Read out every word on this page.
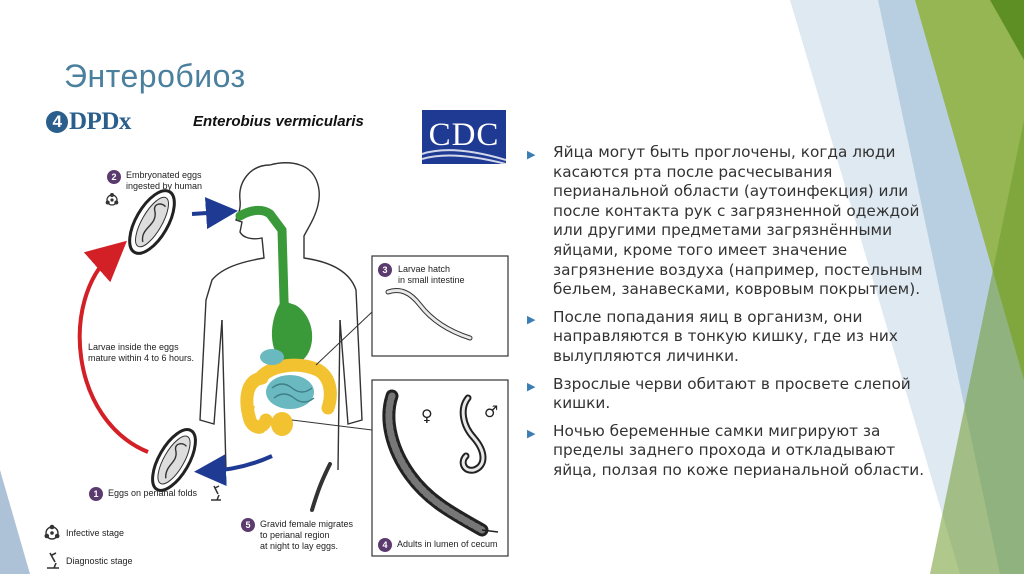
Энтеробиоз
4 DPDx	Enterobius vermicularis CDC
1
2
3
4
5
Embryonated eggs
ingested by human
Larvae hatch
in small intestine
Larvae inside the eggs
mature within 4 to 6 hours.
Eggs on perianal folds
Gravid female migrates
to perianal region
at night to lay eggs.	Adults in lumen of cecum
♀	♂
Infective stage
Diagnostic stage
▶ Яйца могут быть проглочены, когда люди касаются рта после расчесывания перианальной области (аутоинфекция) или после контакта рук с загрязненной одеждой или другими предметами загрязнёнными яйцами, кроме того имеет значение загрязнение воздуха (например, постельным бельем, занавесками, ковровым покрытием).
▶ После попадания яиц в организм, они направляются в тонкую кишку, где из них вылупляются личинки.
▶ Взрослые черви обитают в просвете слепой кишки.
▶ Ночью беременные самки мигрируют за пределы заднего прохода и откладывают яйца, ползая по коже перианальной области.
